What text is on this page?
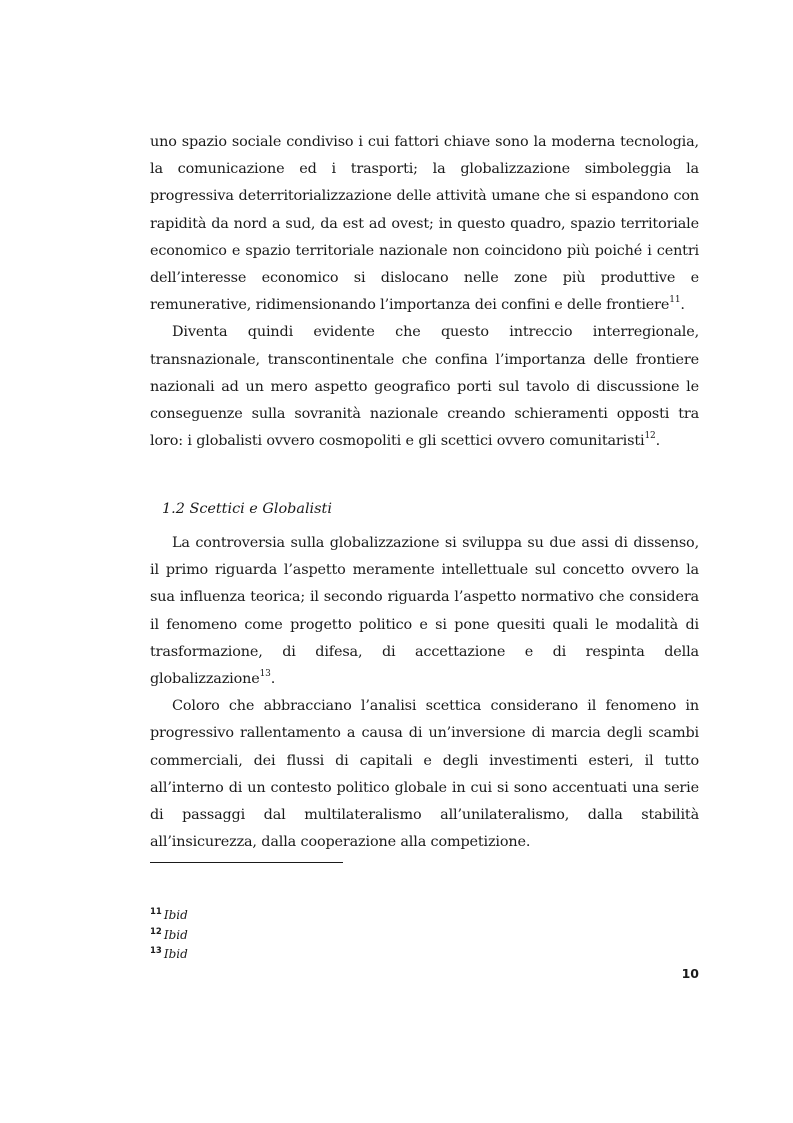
uno spazio sociale condiviso i cui fattori chiave sono la moderna tecnologia, la comunicazione ed i trasporti; la globalizzazione simboleggia la progressiva deterritorializzazione delle attività umane che si espandono con rapidità da nord a sud, da est ad ovest; in questo quadro, spazio territoriale economico e spazio territoriale nazionale non coincidono più poiché i centri dell’interesse economico si dislocano nelle zone più produttive e remunerative, ridimensionando l’importanza dei confini e delle frontiere$^{11}$.

Diventa quindi evidente che questo intreccio interregionale, transnazionale, transcontinentale che confina l’importanza delle frontiere nazionali ad un mero aspetto geografico porti sul tavolo di discussione le conseguenze sulla sovranità nazionale creando schieramenti opposti tra loro: i globalisti ovvero cosmopoliti e gli scettici ovvero comunitaristi$^{12}$.

1.2 Scettici e Globalisti

La controversia sulla globalizzazione si sviluppa su due assi di dissenso, il primo riguarda l’aspetto meramente intellettuale sul concetto ovvero la sua influenza teorica; il secondo riguarda l’aspetto normativo che considera il fenomeno come progetto politico e si pone quesiti quali le modalità di trasformazione, di difesa, di accettazione e di respinta della globalizzazione$^{13}$.

Coloro che abbracciano l’analisi scettica considerano il fenomeno in progressivo rallentamento a causa di un’inversione di marcia degli scambi commerciali, dei flussi di capitali e degli investimenti esteri, il tutto all’interno di un contesto politico globale in cui si sono accentuati una serie di passaggi dal multilateralismo all’unilateralismo, dalla stabilità all’insicurezza, dalla cooperazione alla competizione.

$^{11}$ Ibid
$^{12}$ Ibid
$^{13}$ Ibid
10
